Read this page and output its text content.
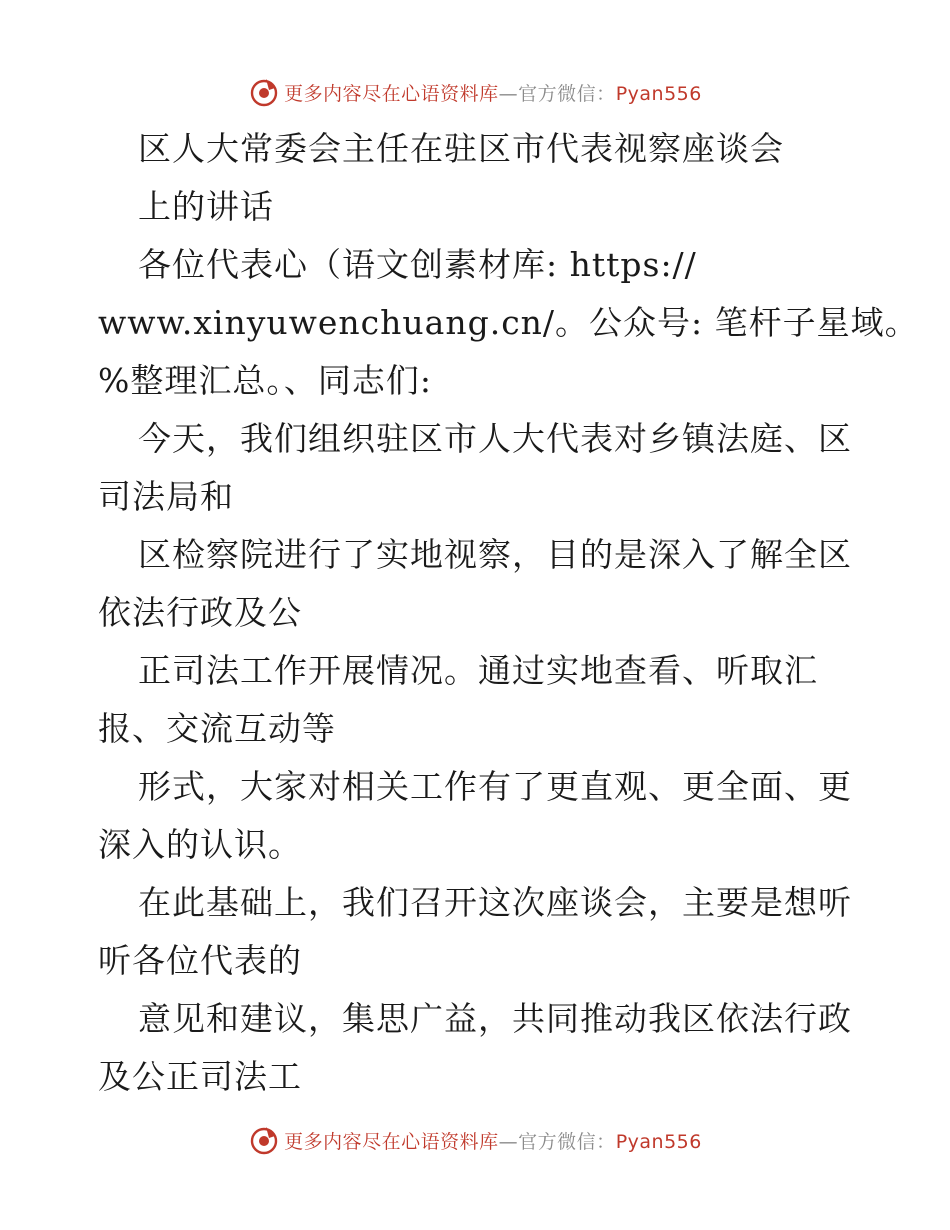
更多内容尽在心语资料库—官方微信：Pyan556
区人大常委会主任在驻区市代表视察座谈会
上的讲话
各位代表心（语文创素材库: https://
www.xinyuwenchuang.cn/。公众号: 笔杆子星域。
%整理汇总。、同志们:
今天，我们组织驻区市人大代表对乡镇法庭、区
司法局和
区检察院进行了实地视察，目的是深入了解全区
依法行政及公
正司法工作开展情况。通过实地查看、听取汇
报、交流互动等
形式，大家对相关工作有了更直观、更全面、更
深入的认识。
在此基础上，我们召开这次座谈会，主要是想听
听各位代表的
意见和建议，集思广益，共同推动我区依法行政
及公正司法工
更多内容尽在心语资料库—官方微信：Pyan556
